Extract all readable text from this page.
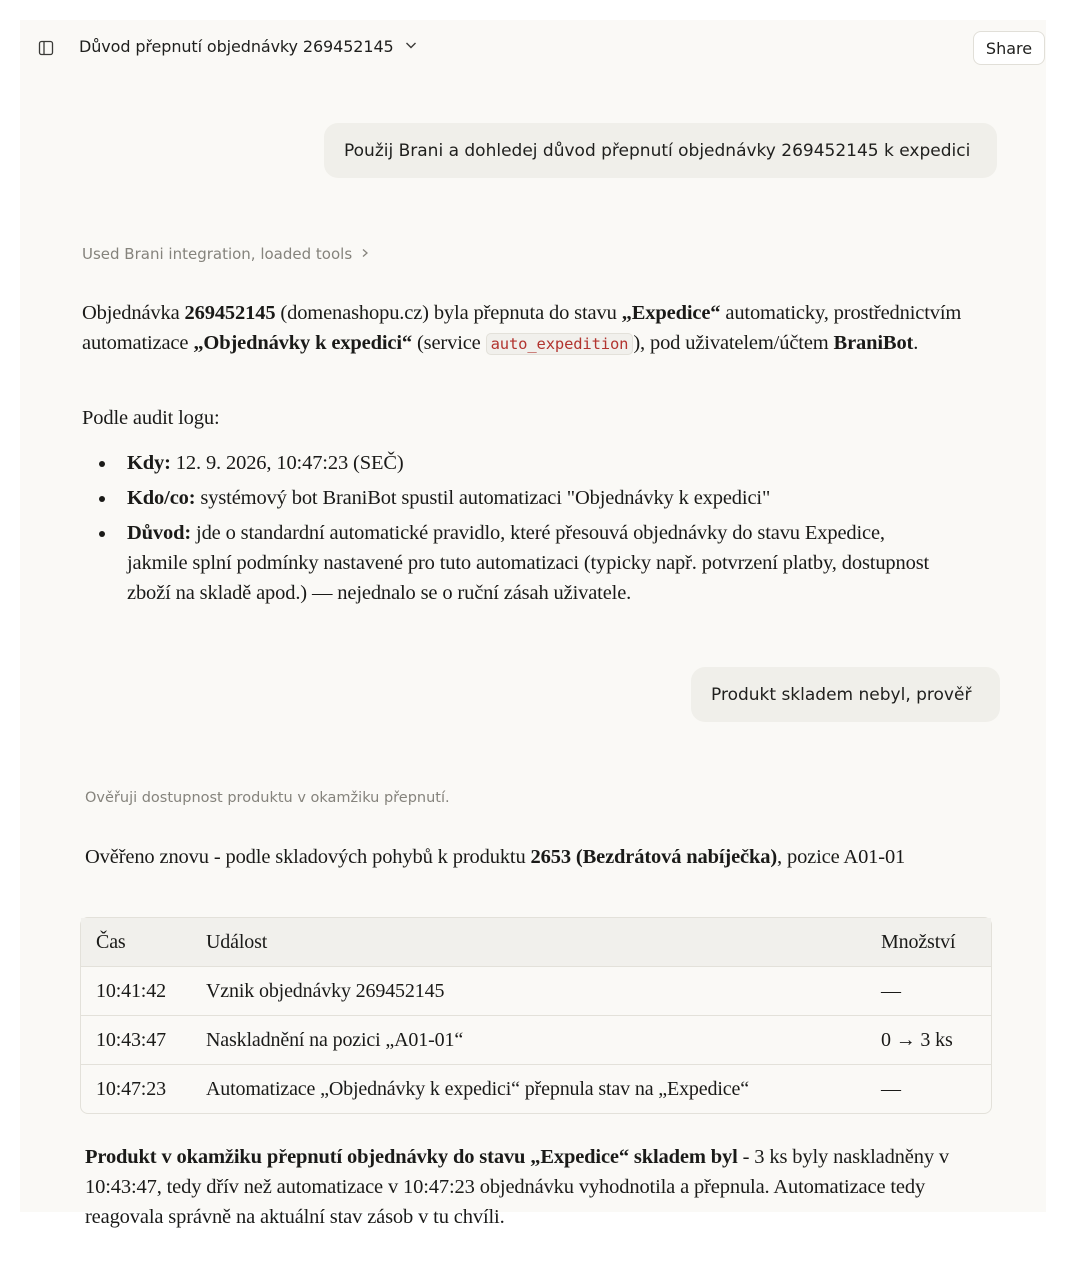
Důvod přepnutí objednávky 269452145	Share
Použij Brani a dohledej důvod přepnutí objednávky 269452145 k expedici
Used Brani integration, loaded tools

Objednávka 269452145 (domenashopu.cz) byla přepnuta do stavu „Expedice“ automaticky, prostřednictvím automatizace „Objednávky k expedici“ (service auto_expedition ), pod uživatelem/účtem BraniBot.

Podle audit logu:

Kdy: 12. 9. 2026, 10:47:23 (SEČ)
Kdo/co: systémový bot BraniBot spustil automatizaci "Objednávky k expedici"
Důvod: jde o standardní automatické pravidlo, které přesouvá objednávky do stavu Expedice, jakmile splní podmínky nastavené pro tuto automatizaci (typicky např. potvrzení platby, dostupnost zboží na skladě apod.) — nejednalo se o ruční zásah uživatele.
Produkt skladem nebyl, prověř
Ověřuji dostupnost produktu v okamžiku přepnutí.

Ověřeno znovu - podle skladových pohybů k produktu 2653 (Bezdrátová nabíječka), pozice A01-01

Čas	Událost	Množství
10:41:42	Vznik objednávky 269452145	—
10:43:47	Naskladnění na pozici „A01-01“	0 → 3 ks
10:47:23	Automatizace „Objednávky k expedici“ přepnula stav na „Expedice“	—

Produkt v okamžiku přepnutí objednávky do stavu „Expedice“ skladem byl - 3 ks byly naskladněny v 10:43:47, tedy dřív než automatizace v 10:47:23 objednávku vyhodnotila a přepnula. Automatizace tedy reagovala správně na aktuální stav zásob v tu chvíli.
